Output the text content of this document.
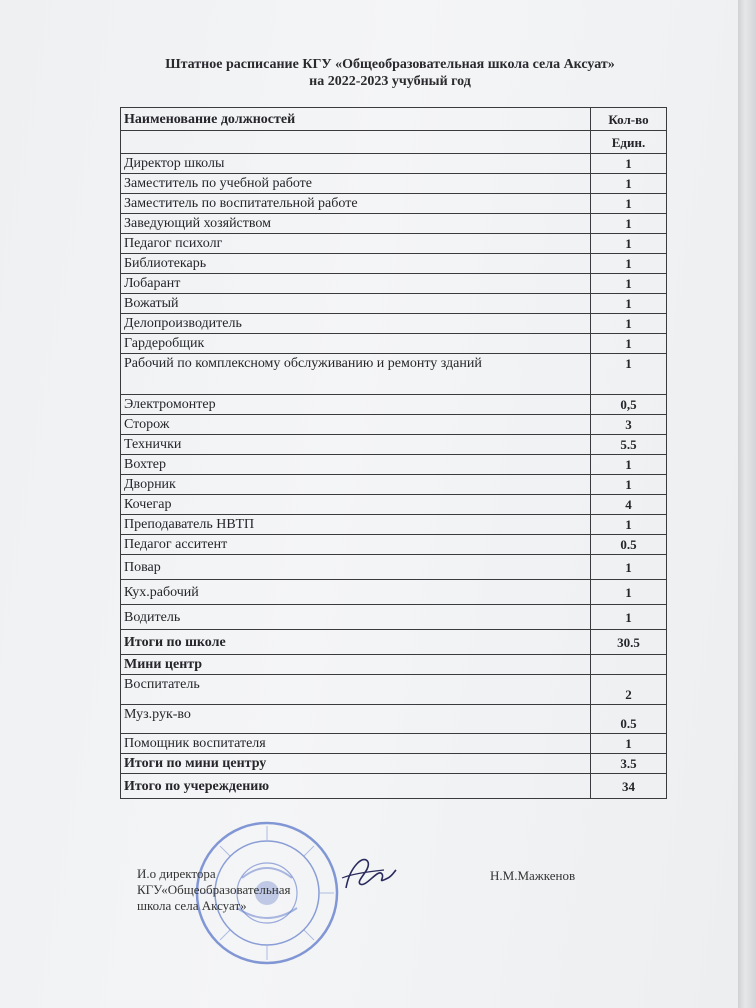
Штатное расписание КГУ «Общеобразовательная школа села Аксуат»
на 2022-2023 учубный год
Наименование должностей	Кол-во
	Един.
Директор школы	1
Заместитель по учебной работе	1
Заместитель по воспитательной работе	1
Заведующий хозяйством	1
Педагог психолг	1
Библиотекарь	1
Лобарант	1
Вожатый	1
Делопроизводитель	1
Гардеробщик	1
Рабочий по комплексному обслуживанию и ремонту зданий	1
Электромонтер	0,5
Сторож	3
Технички	5.5
Вохтер	1
Дворник	1
Кочегар	4
Преподаватель НВТП	1
Педагог асситент	0.5
Повар	1
Кух.рабочий	1
Водитель	1
Итоги по школе	30.5
Мини центр	
Воспитатель	2
Муз.рук-во	0.5
Помощник воспитателя	1
Итоги по мини центру	3.5
Итого по учереждению	34
И.о директора
КГУ«Общеобразовательная
школа села Аксуат»
Н.М.Мажкенов
